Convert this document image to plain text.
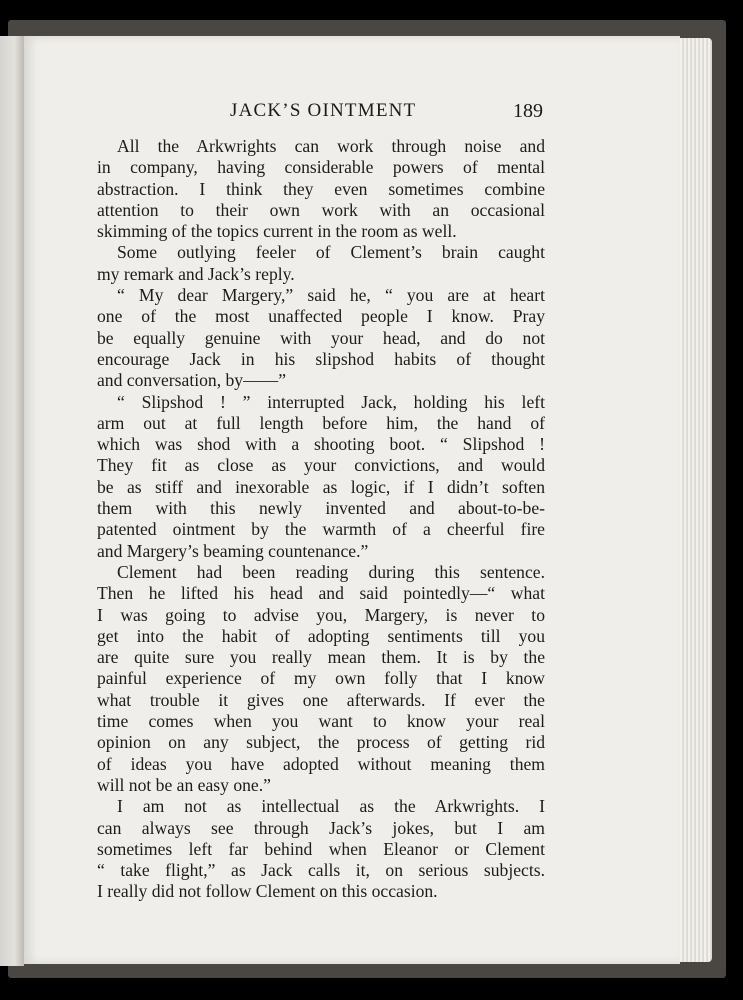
JACK’S OINTMENT	189
All the Arkwrights can work through noise and
in company, having considerable powers of mental
abstraction. I think they even sometimes combine
attention to their own work with an occasional
skimming of the topics current in the room as well.
Some outlying feeler of Clement’s brain caught
my remark and Jack’s reply.
“ My dear Margery,” said he, “ you are at heart
one of the most unaffected people I know. Pray
be equally genuine with your head, and do not
encourage Jack in his slipshod habits of thought
and conversation, by——”
“ Slipshod ! ” interrupted Jack, holding his left
arm out at full length before him, the hand of
which was shod with a shooting boot. “ Slipshod !
They fit as close as your convictions, and would
be as stiff and inexorable as logic, if I didn’t soften
them with this newly invented and about-to-be-
patented ointment by the warmth of a cheerful fire
and Margery’s beaming countenance.”
Clement had been reading during this sentence.
Then he lifted his head and said pointedly—“ what
I was going to advise you, Margery, is never to
get into the habit of adopting sentiments till you
are quite sure you really mean them. It is by the
painful experience of my own folly that I know
what trouble it gives one afterwards. If ever the
time comes when you want to know your real
opinion on any subject, the process of getting rid
of ideas you have adopted without meaning them
will not be an easy one.”
I am not as intellectual as the Arkwrights. I
can always see through Jack’s jokes, but I am
sometimes left far behind when Eleanor or Clement
“ take flight,” as Jack calls it, on serious subjects.
I really did not follow Clement on this occasion.
